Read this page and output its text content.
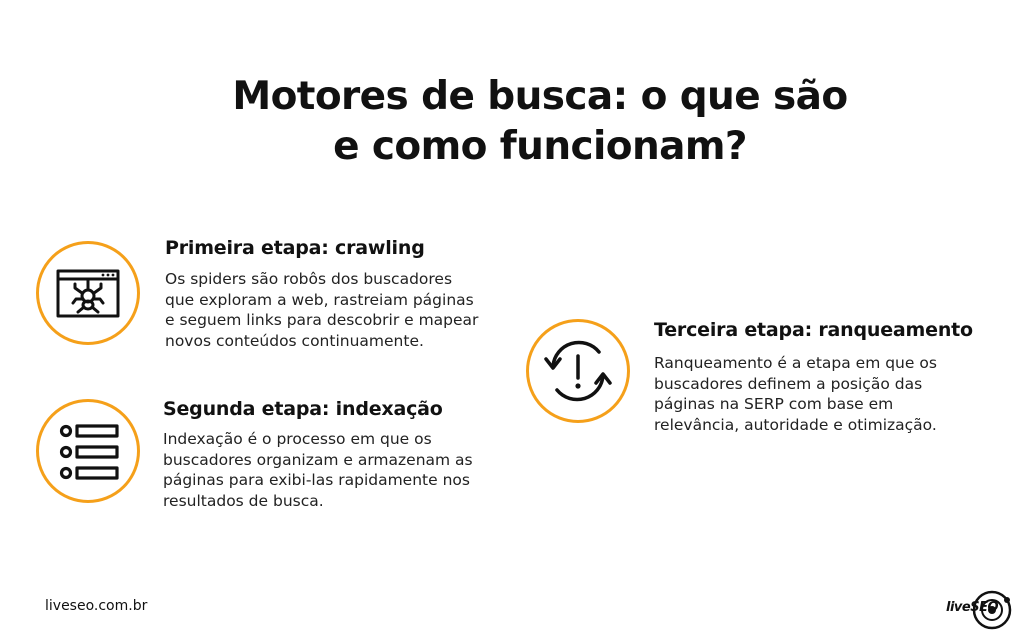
Motores de busca: o que são
e como funcionam?
Primeira etapa: crawling
Os spiders são robôs dos buscadores
que exploram a web, rastreiam páginas
e seguem links para descobrir e mapear
novos conteúdos continuamente.
Segunda etapa: indexação
Indexação é o processo em que os
buscadores organizam e armazenam as
páginas para exibi-las rapidamente nos
resultados de busca.
Terceira etapa: ranqueamento
Ranqueamento é a etapa em que os
buscadores definem a posição das
páginas na SERP com base em
relevância, autoridade e otimização.
liveseo.com.br	liveSEO
